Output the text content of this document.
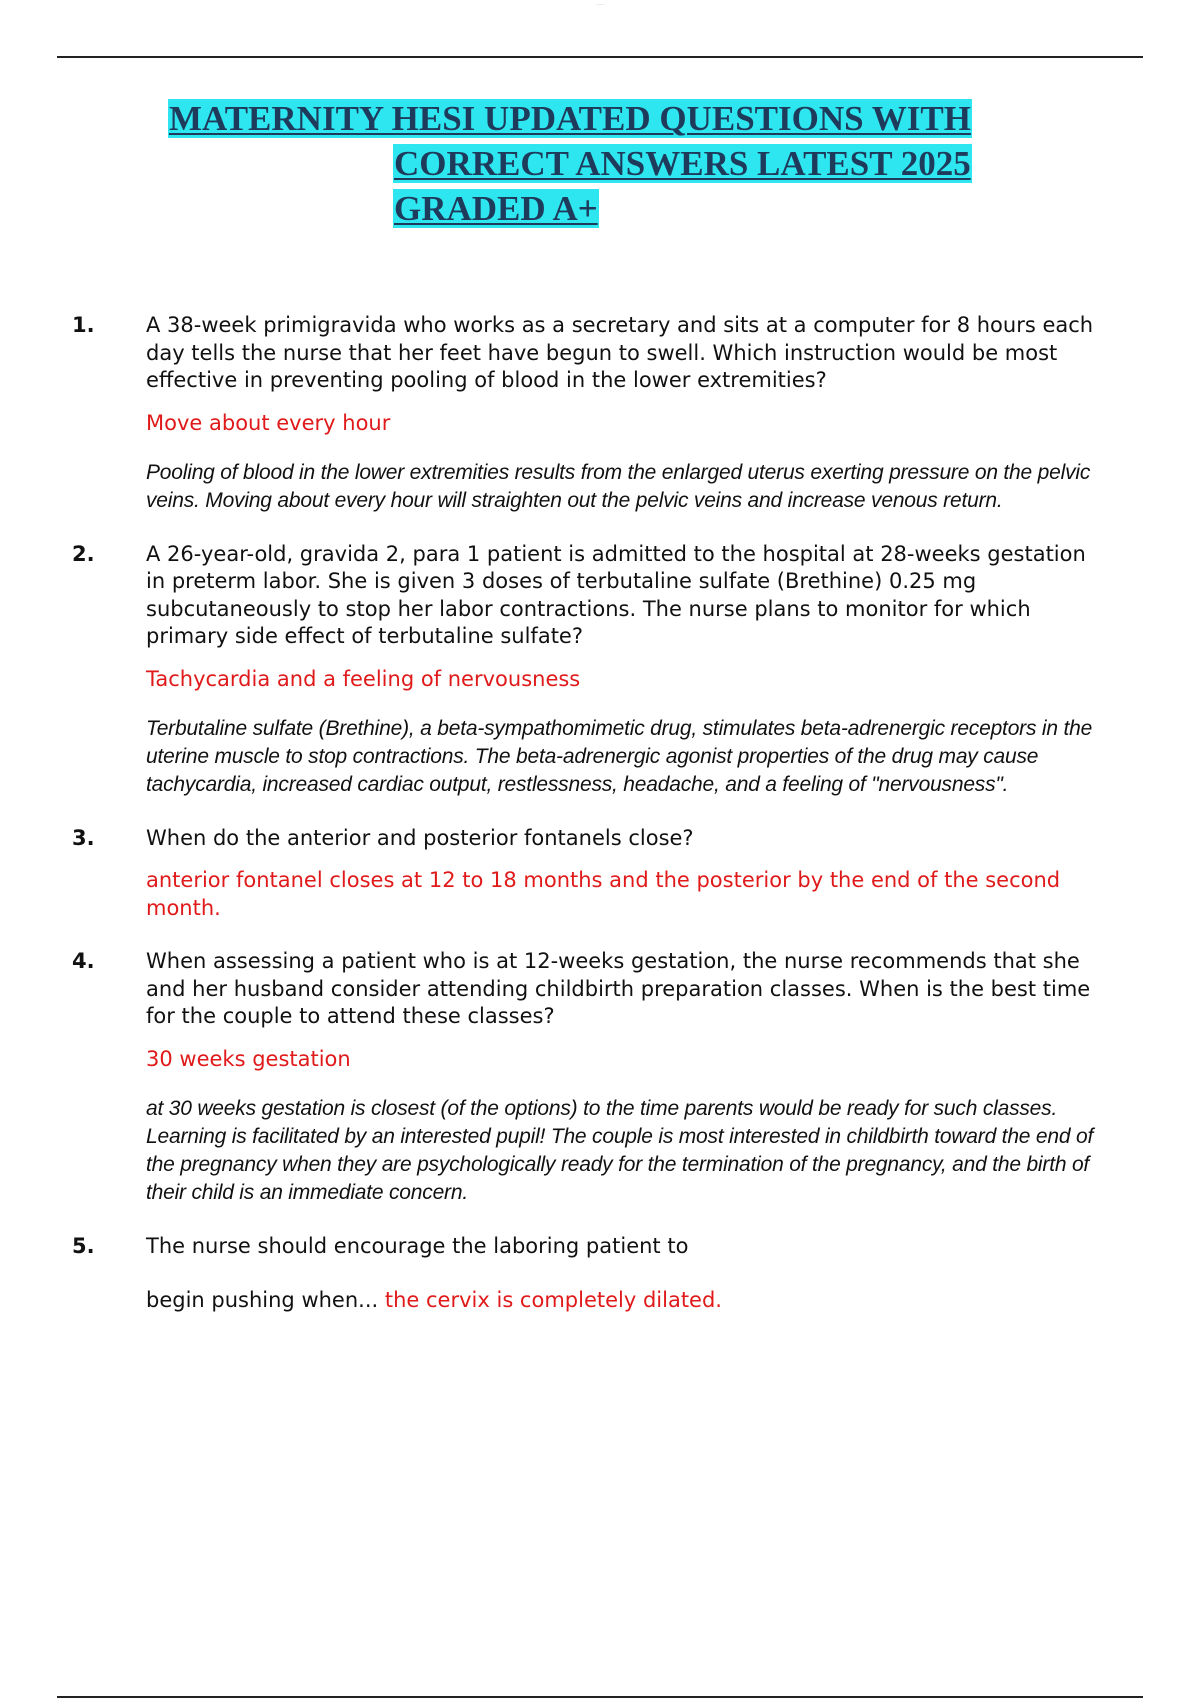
·····
MATERNITY HESI UPDATED QUESTIONS WITH
CORRECT ANSWERS LATEST 2025
GRADED A+
1. A 38-week primigravida who works as a secretary and sits at a computer for 8 hours each day tells the nurse that her feet have begun to swell. Which instruction would be most effective in preventing pooling of blood in the lower extremities?

Move about every hour

Pooling of blood in the lower extremities results from the enlarged uterus exerting pressure on the pelvic veins. Moving about every hour will straighten out the pelvic veins and increase venous return.

2. A 26-year-old, gravida 2, para 1 patient is admitted to the hospital at 28-weeks gestation in preterm labor. She is given 3 doses of terbutaline sulfate (Brethine) 0.25 mg subcutaneously to stop her labor contractions. The nurse plans to monitor for which primary side effect of terbutaline sulfate?

Tachycardia and a feeling of nervousness

Terbutaline sulfate (Brethine), a beta-sympathomimetic drug, stimulates beta-adrenergic receptors in the uterine muscle to stop contractions. The beta-adrenergic agonist properties of the drug may cause tachycardia, increased cardiac output, restlessness, headache, and a feeling of "nervousness".

3. When do the anterior and posterior fontanels close?

anterior fontanel closes at 12 to 18 months and the posterior by the end of the second month.

4. When assessing a patient who is at 12-weeks gestation, the nurse recommends that she and her husband consider attending childbirth preparation classes. When is the best time for the couple to attend these classes?

30 weeks gestation

at 30 weeks gestation is closest (of the options) to the time parents would be ready for such classes. Learning is facilitated by an interested pupil! The couple is most interested in childbirth toward the end of the pregnancy when they are psychologically ready for the termination of the pregnancy, and the birth of their child is an immediate concern.

5. The nurse should encourage the laboring patient to

begin pushing when... the cervix is completely dilated.
